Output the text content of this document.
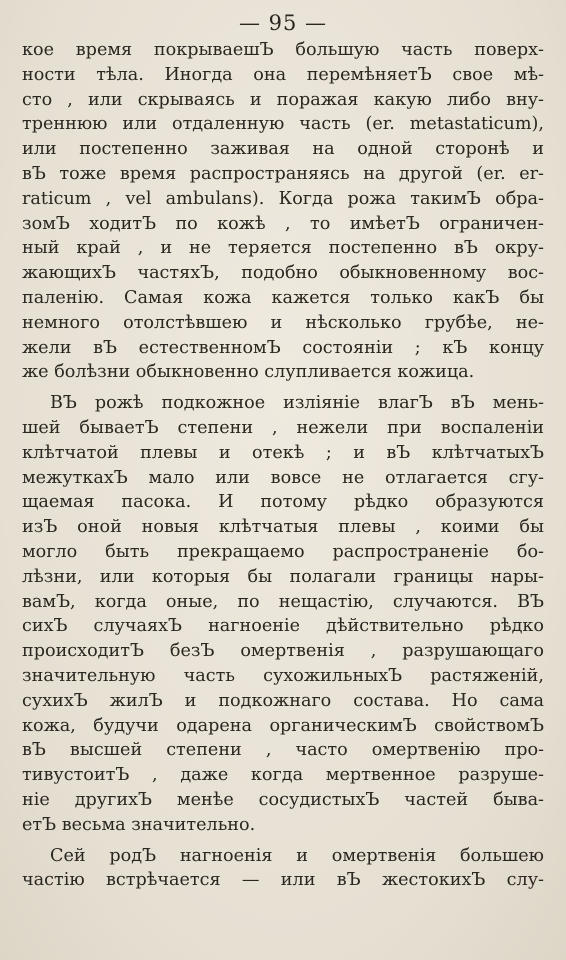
— 95 —
кое время покрываешЪ большую часть поверх-
ности тѣла. Иногда она перемѣняетЪ свое мѣ-
сто , или скрываясь и поражая какую либо вну-
треннюю или отдаленную часть (er. metastaticum),
или постепенно заживая на одной сторонѣ и
вЪ тоже время распространяясь на другой (er. er-
raticum , vel ambulans). Когда рожа такимЪ обра-
зомЪ ходитЪ по кожѣ , то имѣетЪ ограничен-
ный край , и не теряется постепенно вЪ окру-
жающихЪ частяхЪ, подобно обыкновенному вос-
паленію. Самая кожа кажется только какЪ бы
немного отолстѣвшею и нѣсколько грубѣе, не-
жели вЪ естественномЪ состояніи ; кЪ концу
же болѣзни обыкновенно слупливается кожица.
ВЪ рожѣ подкожное изліяніе влагЪ вЪ мень-
шей бываетЪ степени , нежели при воспаленіи
клѣтчатой плевы и отекѣ ; и вЪ клѣтчатыхЪ
межуткахЪ мало или вовсе не отлагается сгу-
щаемая пасока. И потому рѣдко образуются
изЪ оной новыя клѣтчатыя плевы , коими бы
могло быть прекращаемо распространеніе бо-
лѣзни, или которыя бы полагали границы нары-
вамЪ, когда оные, по нещастію, случаются. ВЪ
сихЪ случаяхЪ нагноеніе дѣйствительно рѣдко
происходитЪ безЪ омертвенія , разрушающаго
значительную часть сухожильныхЪ растяженій,
сухихЪ жилЪ и подкожнаго состава. Но сама
кожа, будучи одарена органическимЪ свойствомЪ
вЪ высшей степени , часто омертвенію про-
тивустоитЪ , даже когда мертвенное разруше-
ніе другихЪ менѣе сосудистыхЪ частей быва-
етЪ весьма значительно.
Сей родЪ нагноенія и омертвенія большею
частію встрѣчается — или вЪ жестокихЪ слу-
